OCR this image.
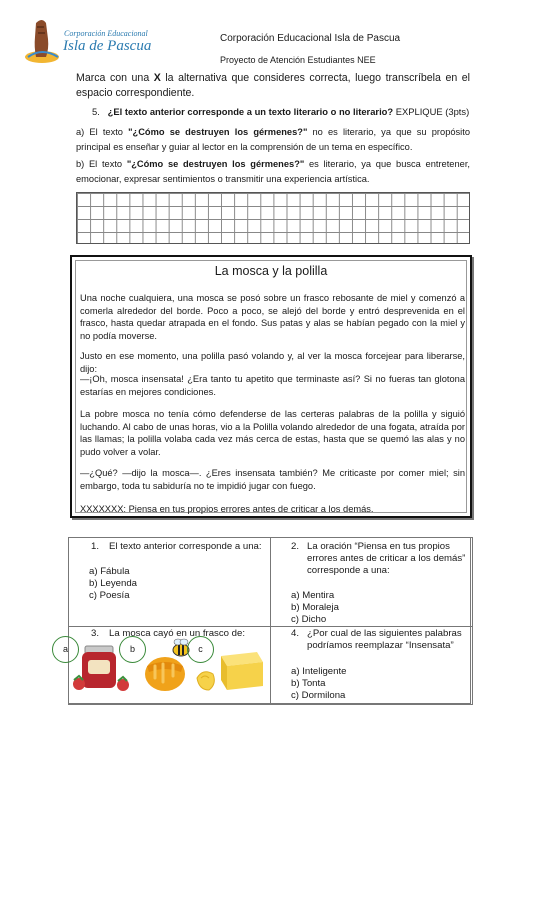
Corporación Educacional
Isla de Pascua	Corporación Educacional Isla de Pascua
Proyecto de Atención Estudiantes NEE
Marca con una X la alternativa que consideres correcta, luego transcríbela en el espacio correspondiente.
5. ¿El texto anterior corresponde a un texto literario o no literario? EXPLIQUE (3pts)
a) El texto "¿Cómo se destruyen los gérmenes?" no es literario, ya que su propósito principal es enseñar y guiar al lector en la comprensión de un tema en específico.
b) El texto "¿Cómo se destruyen los gérmenes?" es literario, ya que busca entretener, emocionar, expresar sentimientos o transmitir una experiencia artística.
La mosca y la polilla
Una noche cualquiera, una mosca se posó sobre un frasco rebosante de miel y comenzó a comerla alrededor del borde. Poco a poco, se alejó del borde y entró desprevenida en el frasco, hasta quedar atrapada en el fondo. Sus patas y alas se habían pegado con la miel y no podía moverse.
Justo en ese momento, una polilla pasó volando y, al ver la mosca forcejear para liberarse, dijo:
—¡Oh, mosca insensata! ¿Era tanto tu apetito que terminaste así? Si no fueras tan glotona estarías en mejores condiciones.
La pobre mosca no tenía cómo defenderse de las certeras palabras de la polilla y siguió luchando. Al cabo de unas horas, vio a la Polilla volando alrededor de una fogata, atraída por las llamas; la polilla volaba cada vez más cerca de estas, hasta que se quemó las alas y no pudo volver a volar.
—¿Qué? —dijo la mosca—. ¿Eres insensata también? Me criticaste por comer miel; sin embargo, toda tu sabiduría no te impidió jugar con fuego.
XXXXXXX: Piensa en tus propios errores antes de criticar a los demás.
1. El texto anterior corresponde a una:
a) Fábula
b) Leyenda
c) Poesía
2. La oración “Piensa en tus propios
errores antes de criticar a los demás”
corresponde a una:
a) Mentira
b) Moraleja
c) Dicho
3. La mosca cayó en un frasco de:	4. ¿Por cual de las siguientes palabras
podríamos reemplazar “Insensata”
a) Inteligente
b) Tonta
c) Dormilona
a	b	c
